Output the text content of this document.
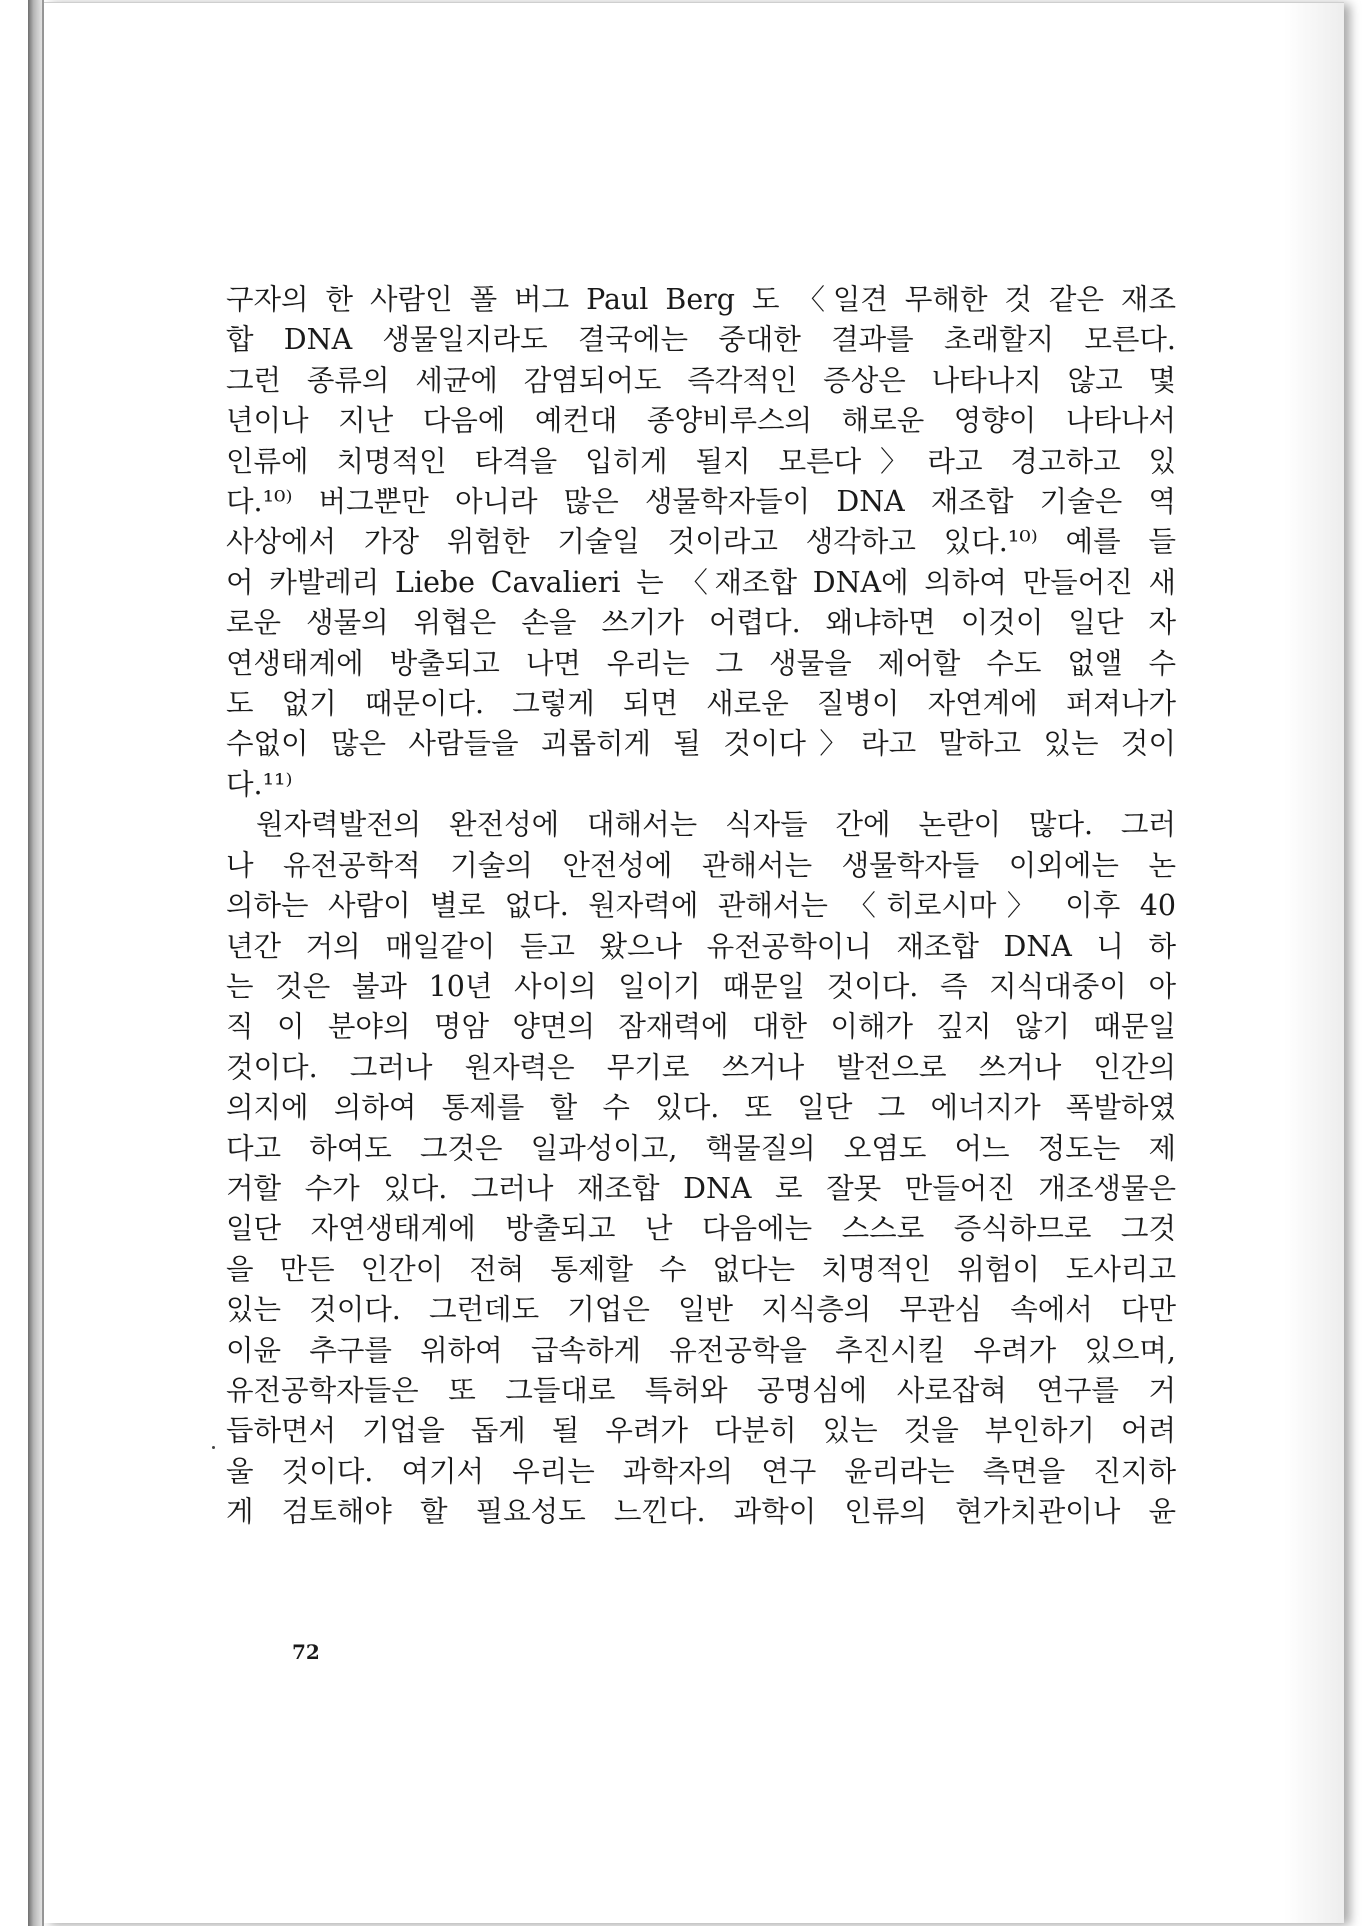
구자의 한 사람인 폴 버그 Paul Berg 도 〈일견 무해한 것 같은 재조
합 DNA 생물일지라도 결국에는 중대한 결과를 초래할지 모른다.
그런 종류의 세균에 감염되어도 즉각적인 증상은 나타나지 않고 몇
년이나 지난 다음에 예컨대 종양비루스의 해로운 영향이 나타나서
인류에 치명적인 타격을 입히게 될지 모른다〉라고 경고하고 있
다.¹⁰⁾ 버그뿐만 아니라 많은 생물학자들이 DNA 재조합 기술은 역
사상에서 가장 위험한 기술일 것이라고 생각하고 있다.¹⁰⁾ 예를 들
어 카발레리 Liebe Cavalieri 는 〈재조합 DNA에 의하여 만들어진 새
로운 생물의 위협은 손을 쓰기가 어렵다. 왜냐하면 이것이 일단 자
연생태계에 방출되고 나면 우리는 그 생물을 제어할 수도 없앨 수
도 없기 때문이다. 그렇게 되면 새로운 질병이 자연계에 퍼져나가
수없이 많은 사람들을 괴롭히게 될 것이다〉라고 말하고 있는 것이
다.¹¹⁾
원자력발전의 완전성에 대해서는 식자들 간에 논란이 많다. 그러
나 유전공학적 기술의 안전성에 관해서는 생물학자들 이외에는 논
의하는 사람이 별로 없다. 원자력에 관해서는 〈히로시마〉 이후 40
년간 거의 매일같이 듣고 왔으나 유전공학이니 재조합 DNA 니 하
는 것은 불과 10년 사이의 일이기 때문일 것이다. 즉 지식대중이 아
직 이 분야의 명암 양면의 잠재력에 대한 이해가 깊지 않기 때문일
것이다. 그러나 원자력은 무기로 쓰거나 발전으로 쓰거나 인간의
의지에 의하여 통제를 할 수 있다. 또 일단 그 에너지가 폭발하였
다고 하여도 그것은 일과성이고, 핵물질의 오염도 어느 정도는 제
거할 수가 있다. 그러나 재조합 DNA 로 잘못 만들어진 개조생물은
일단 자연생태계에 방출되고 난 다음에는 스스로 증식하므로 그것
을 만든 인간이 전혀 통제할 수 없다는 치명적인 위험이 도사리고
있는 것이다. 그런데도 기업은 일반 지식층의 무관심 속에서 다만
이윤 추구를 위하여 급속하게 유전공학을 추진시킬 우려가 있으며,
유전공학자들은 또 그들대로 특허와 공명심에 사로잡혀 연구를 거
듭하면서 기업을 돕게 될 우려가 다분히 있는 것을 부인하기 어려
울 것이다. 여기서 우리는 과학자의 연구 윤리라는 측면을 진지하
게 검토해야 할 필요성도 느낀다. 과학이 인류의 현가치관이나 윤
72
